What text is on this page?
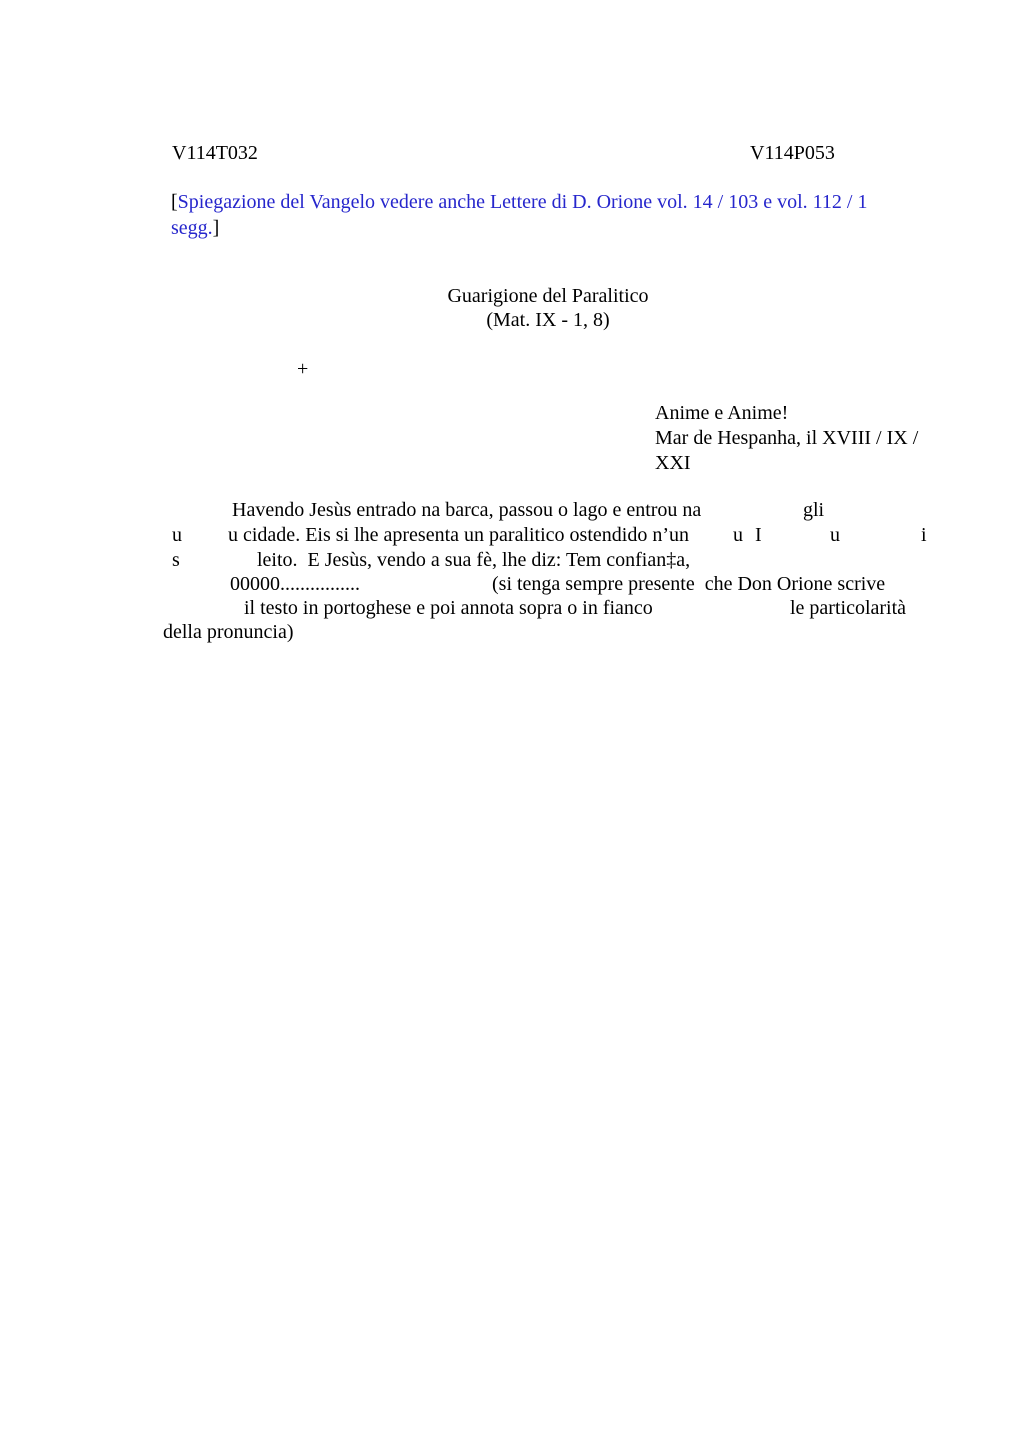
V114T032	V114P053
[Spiegazione del Vangelo vedere anche Lettere di D. Orione vol. 14 / 103 e vol. 112 / 1
segg.]
Guarigione del Paralitico
(Mat. IX - 1, 8)
+
Anime e Anime!
Mar de Hespanha, il XVIII / IX /
XXI
Havendo Jesùs entrado na barca, passou o lago e entrou na	gli
u u cidade. Eis si lhe apresenta un paralitico ostendido n’un u I	u	i
s	leito.  E Jesùs, vendo a sua fè, lhe diz: Tem confian‡a,
00000................	(si tenga sempre presente  che Don Orione scrive
il testo in portoghese e poi annota sopra o in fianco	le particolarità
della pronuncia)
